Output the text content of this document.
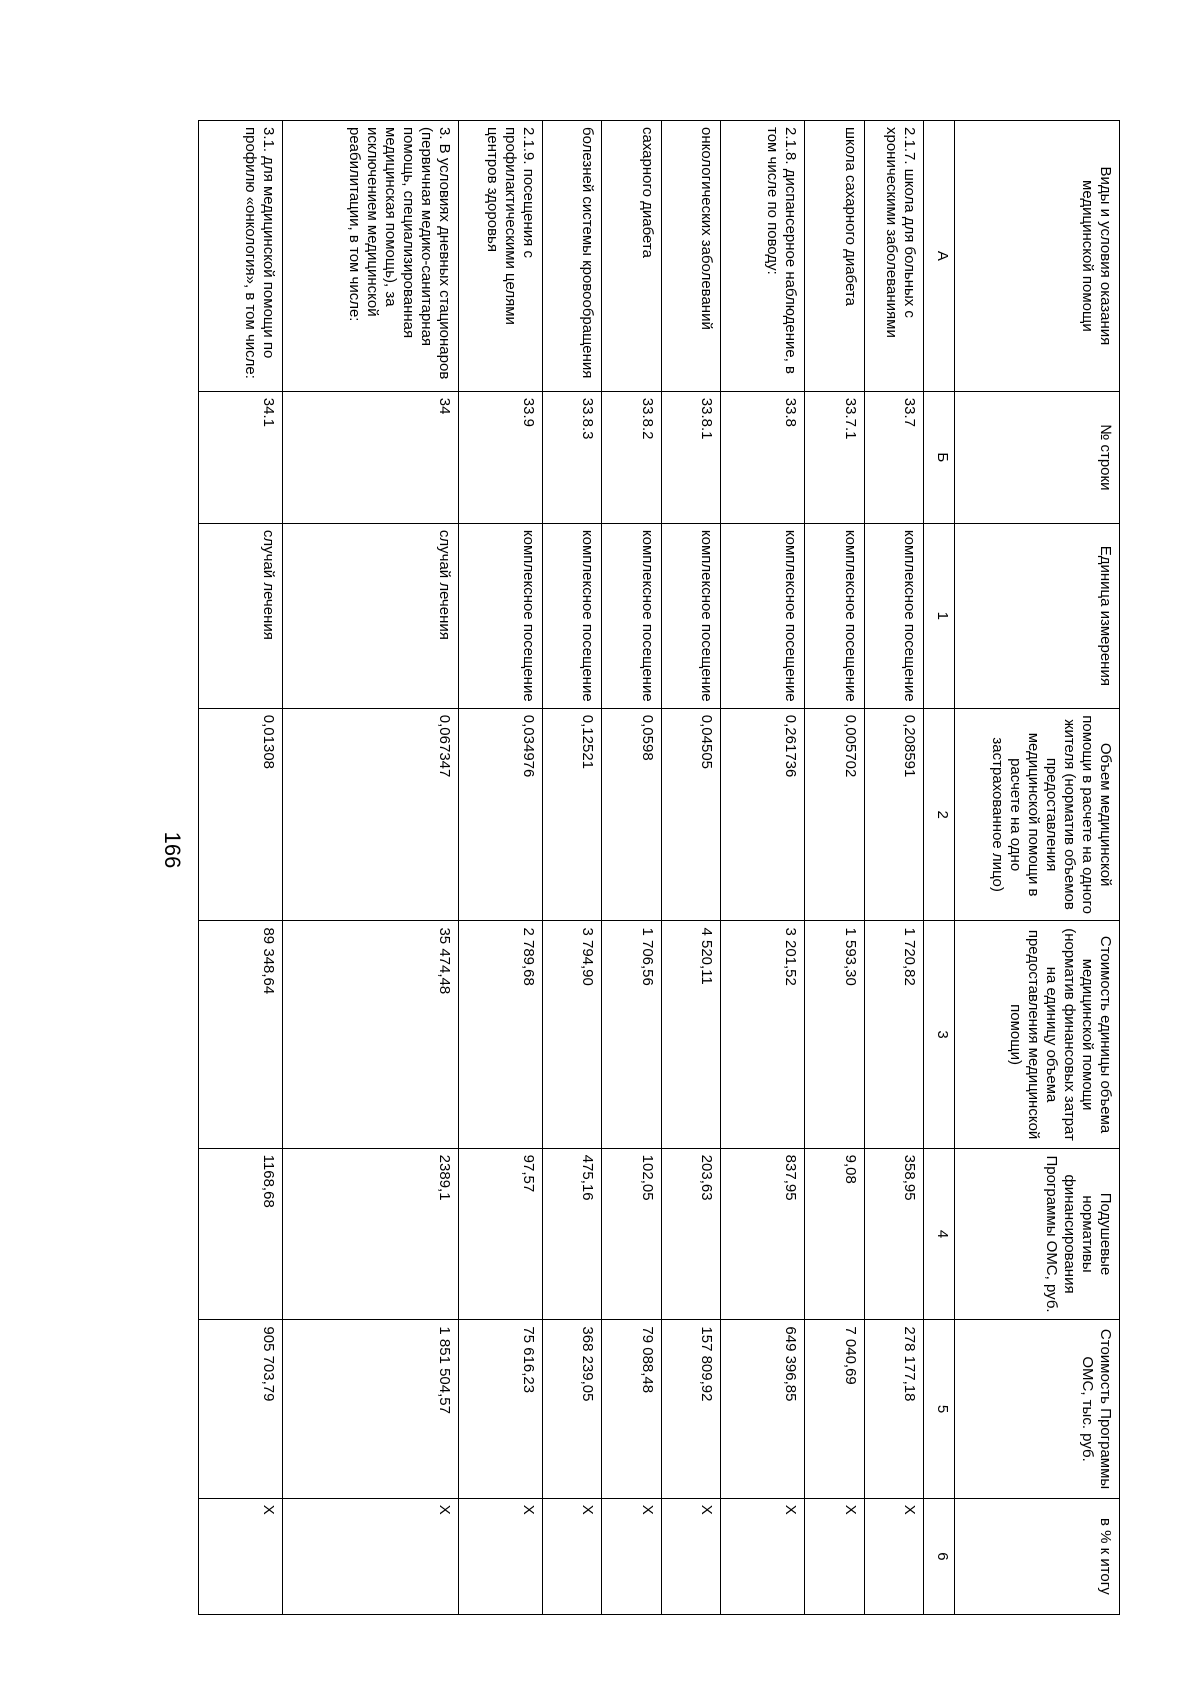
166
Виды и условия оказания медицинской помощи	№ строки	Единица измерения	Объем медицинской помощи в расчете на одного жителя (норматив объемов предоставления медицинской помощи в расчете на одно застрахованное лицо)	Стоимость единицы объема медицинской помощи (норматив финансовых затрат на единицу объема предоставления медицинской помощи)	Подушевые нормативы финансирования Программы ОМС, руб.	Стоимость Программы ОМС, тыс. руб.	в % к итогу
А	Б	1	2	3	4	5	6
2.1.7. школа для больных с хроническими заболеваниями	33.7	комплексное посещение	0,208591	1 720,82	358,95	278 177,18	Х
школа сахарного диабета	33.7.1	комплексное посещение	0,005702	1 593,30	9,08	7 040,69	Х
2.1.8. диспансерное наблюдение, в том числе по поводу:	33.8	комплексное посещение	0,261736	3 201,52	837,95	649 396,85	Х
онкологических заболеваний	33.8.1	комплексное посещение	0,04505	4 520,11	203,63	157 809,92	Х
сахарного диабета	33.8.2	комплексное посещение	0,0598	1 706,56	102,05	79 088,48	Х
болезней системы кровообращения	33.8.3	комплексное посещение	0,12521	3 794,90	475,16	368 239,05	Х
2.1.9. посещения с профилактическими целями центров здоровья	33.9	комплексное посещение	0,034976	2 789,68	97,57	75 616,23	Х
3. В условиях дневных стационаров (первичная медико-санитарная помощь, специализированная медицинская помощь), за исключением медицинской реабилитации, в том числе:	34	случай лечения	0,067347	35 474,48	2389,1	1 851 504,57	Х
3.1. для медицинской помощи по профилю «онкология», в том числе:	34.1	случай лечения	0,01308	89 348,64	1168,68	905 703,79	Х
